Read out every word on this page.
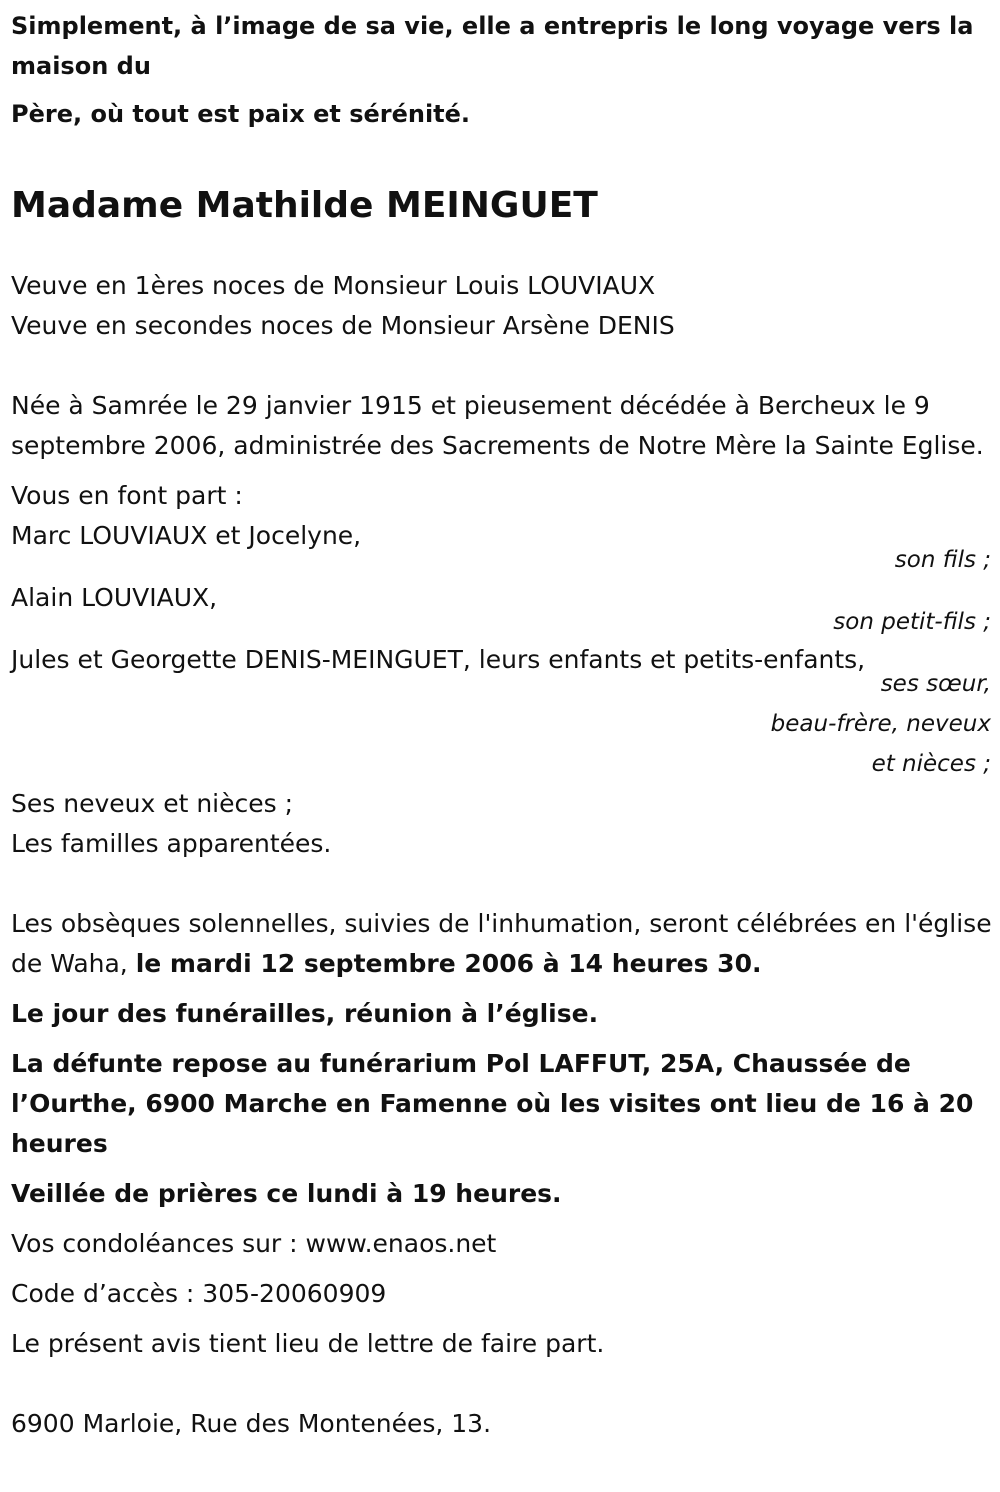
Simplement, à l’image de sa vie, elle a entrepris le long voyage vers la maison du

Père, où tout est paix et sérénité.

Madame Mathilde MEINGUET

Veuve en 1ères noces de Monsieur Louis LOUVIAUX

Veuve en secondes noces de Monsieur Arsène DENIS

Née à Samrée le 29 janvier 1915 et pieusement décédée à Bercheux le 9 septembre 2006, administrée des Sacrements de Notre Mère la Sainte Eglise.

Vous en font part :

Marc LOUVIAUX et Jocelyne,

son fils ;

Alain LOUVIAUX,

son petit-fils ;

Jules et Georgette DENIS-MEINGUET, leurs enfants et petits-enfants,

ses sœur,

beau-frère, neveux

et nièces ;

Ses neveux et nièces ;

Les familles apparentées.

Les obsèques solennelles, suivies de l'inhumation, seront célébrées en l'église de Waha, le mardi 12 septembre 2006 à 14 heures 30.

Le jour des funérailles, réunion à l’église.

La défunte repose au funérarium Pol LAFFUT, 25A, Chaussée de l’Ourthe, 6900 Marche en Famenne où les visites ont lieu de 16 à 20 heures

Veillée de prières ce lundi à 19 heures.

Vos condoléances sur : www.enaos.net

Code d’accès : 305-20060909

Le présent avis tient lieu de lettre de faire part.

6900 Marloie, Rue des Montenées, 13.
